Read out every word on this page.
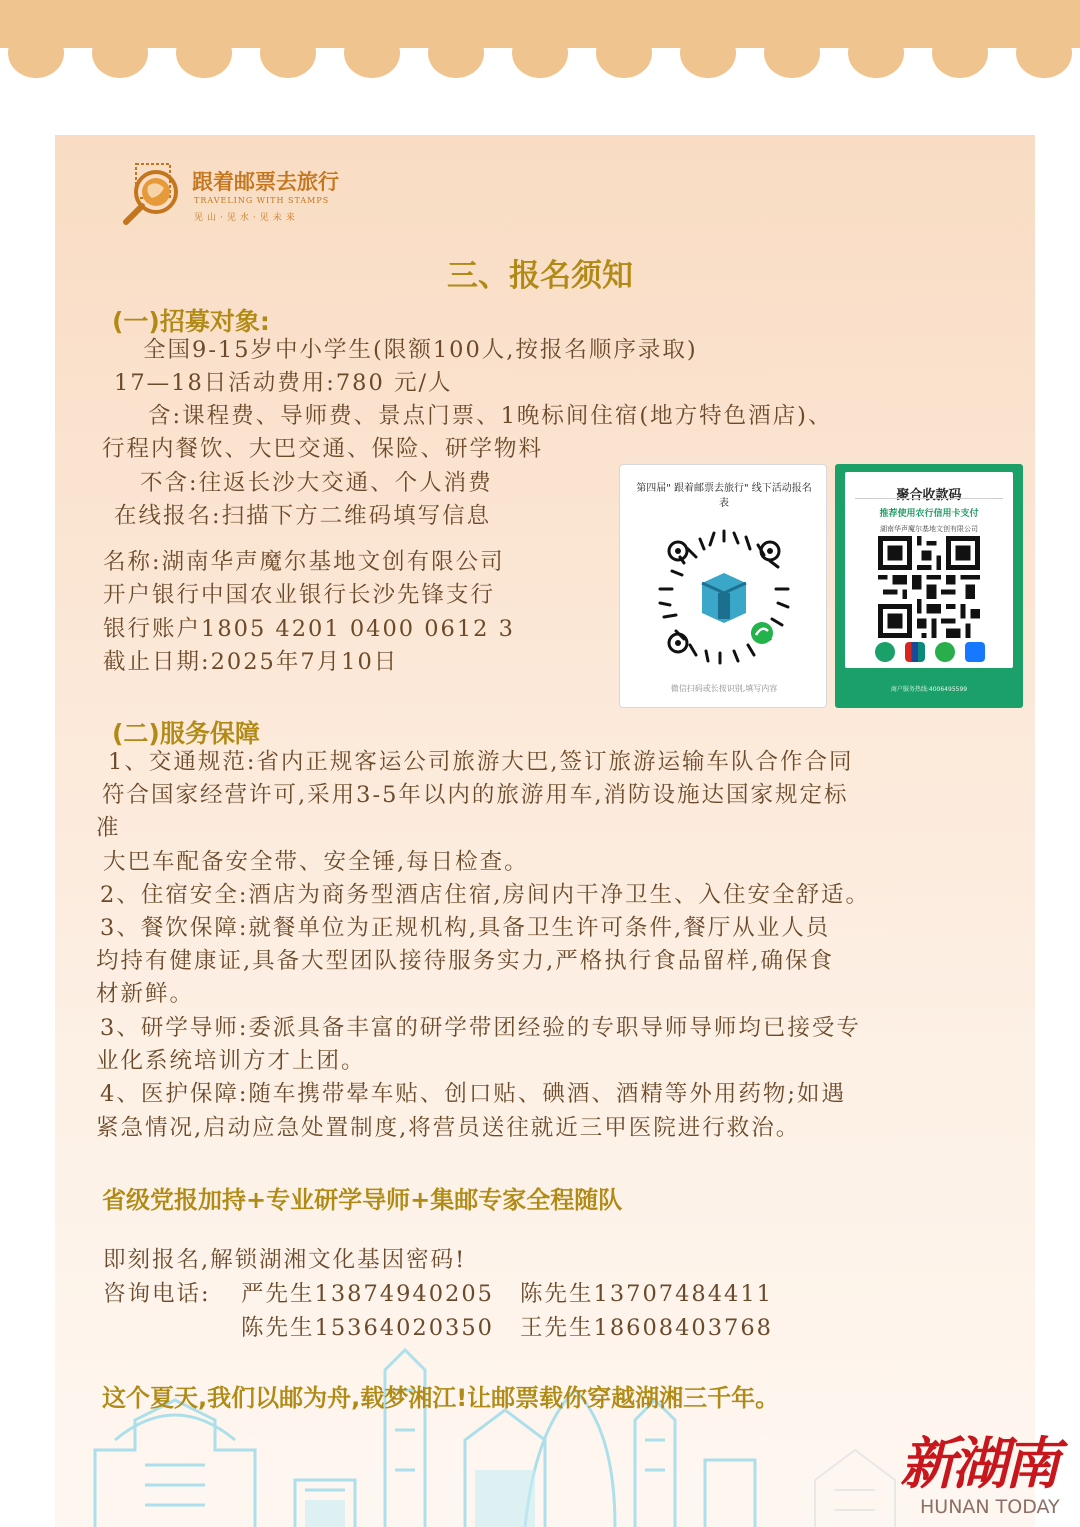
跟着邮票去旅行
TRAVELING WITH STAMPS
见山·见水·见未来
三、报名须知
(一)招募对象:
全国9-15岁中小学生(限额100人,按报名顺序录取)
17—18日活动费用:780 元/人
含:课程费、导师费、景点门票、1晚标间住宿(地方特色酒店)、
行程内餐饮、大巴交通、保险、研学物料
不含:往返长沙大交通、个人消费
在线报名:扫描下方二维码填写信息
名称:湖南华声魔尔基地文创有限公司
开户银行中国农业银行长沙先锋支行
银行账户1805 4201 0400 0612 3
截止日期:2025年7月10日
第四届" 跟着邮票去旅行" 线下活动报名表
微信扫码或长按识别,填写内容
聚合收款码
推荐使用农行信用卡支付
湖南华声魔尔基地文创有限公司
商户服务热线:4006495599
(二)服务保障
1、交通规范:省内正规客运公司旅游大巴,签订旅游运输车队合作合同
符合国家经营许可,采用3-5年以内的旅游用车,消防设施达国家规定标
准
大巴车配备安全带、安全锤,每日检查。
2、住宿安全:酒店为商务型酒店住宿,房间内干净卫生、入住安全舒适。
3、餐饮保障:就餐单位为正规机构,具备卫生许可条件,餐厅从业人员
均持有健康证,具备大型团队接待服务实力,严格执行食品留样,确保食
材新鲜。
3、研学导师:委派具备丰富的研学带团经验的专职导师导师均已接受专
业化系统培训方才上团。
4、医护保障:随车携带晕车贴、创口贴、碘酒、酒精等外用药物;如遇
紧急情况,启动应急处置制度,将营员送往就近三甲医院进行救治。
省级党报加持+专业研学导师+集邮专家全程随队
即刻报名,解锁湖湘文化基因密码!
咨询电话: 严先生13874940205 陈先生13707484411
陈先生15364020350 王先生18608403768
这个夏天,我们以邮为舟,载梦湘江!让邮票载你穿越湖湘三千年。
新湖南
HUNAN TODAY
